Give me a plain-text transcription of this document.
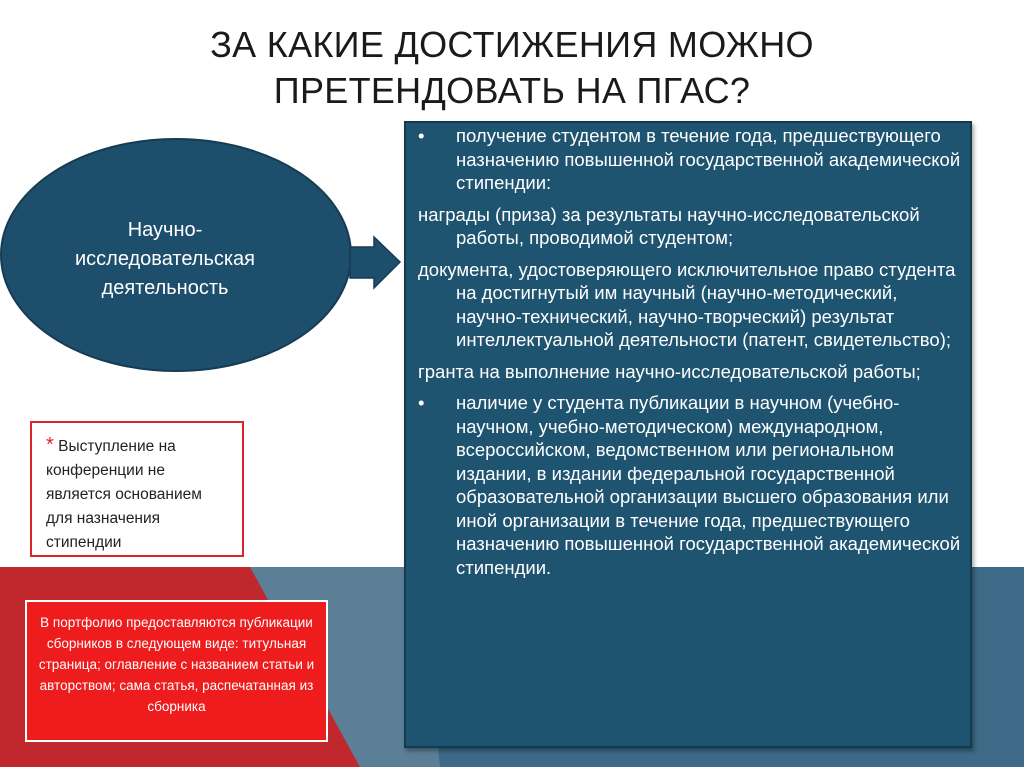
ЗА КАКИЕ ДОСТИЖЕНИЯ МОЖНО
ПРЕТЕНДОВАТЬ НА ПГАС?
Научно-
исследовательская
деятельность
* Выступление на конференции не является основанием для назначения стипендии
В портфолио предоставляются публикации сборников в следующем виде: титульная страница; оглавление с названием статьи и авторством; сама статья, распечатанная из сборника
• получение студентом в течение года, предшествующего назначению повышенной государственной академической стипендии:
награды (приза) за результаты научно-исследовательской работы, проводимой студентом;
документа, удостоверяющего исключительное право студента на достигнутый им научный (научно-методический, научно-технический, научно-творческий) результат интеллектуальной деятельности (патент, свидетельство);
гранта на выполнение научно-исследовательской работы;
• наличие у студента публикации в научном (учебно-научном, учебно-методическом) международном, всероссийском, ведомственном или региональном издании, в издании федеральной государственной образовательной организации высшего образования или иной организации в течение года, предшествующего назначению повышенной государственной академической стипендии.
